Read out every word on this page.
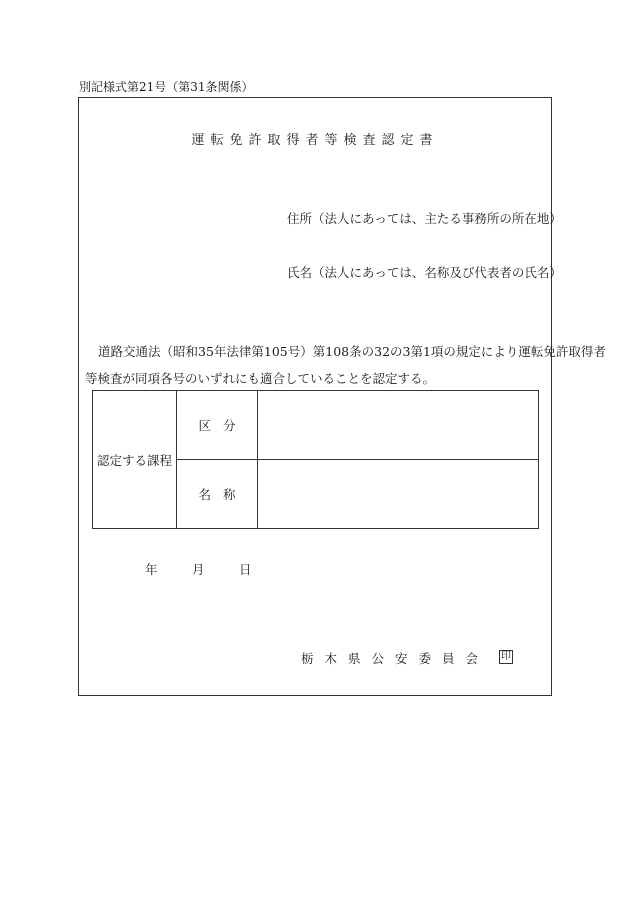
別記様式第21号（第31条関係）
運転免許取得者等検査認定書
住所（法人にあっては、主たる事務所の所在地）
氏名（法人にあっては、名称及び代表者の氏名）
道路交通法（昭和35年法律第105号）第108条の32の3第1項の規定により運転免許取得者
等検査が同項各号のいずれにも適合していることを認定する。
認定する課程	区分	
	名称	
年	月	日
栃木県公安委員会 印
